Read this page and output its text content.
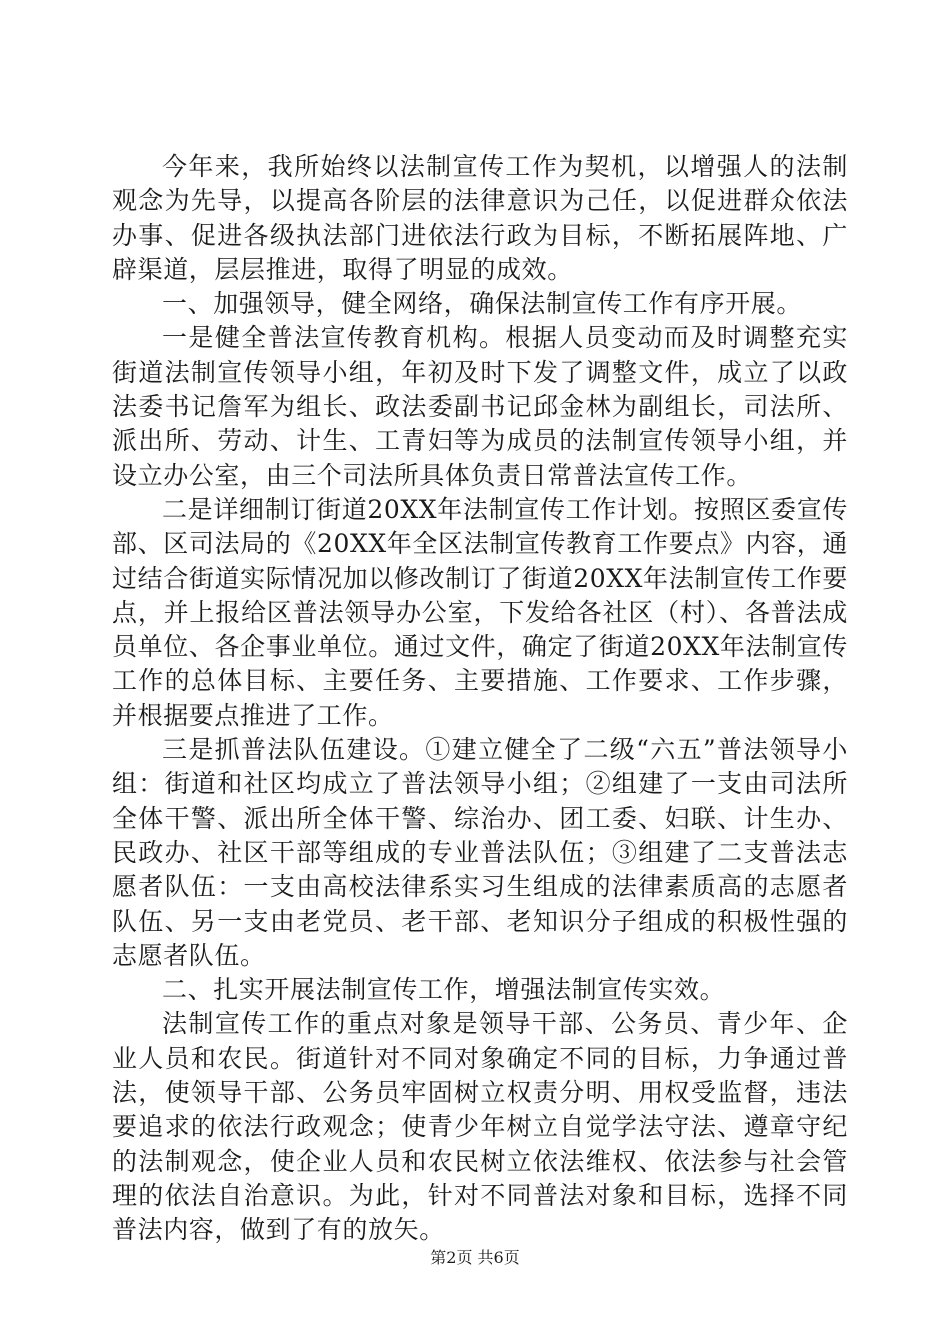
今年来，我所始终以法制宣传工作为契机，以增强人的法制观念为先导，以提高各阶层的法律意识为己任，以促进群众依法办事、促进各级执法部门进依法行政为目标，不断拓展阵地、广辟渠道，层层推进，取得了明显的成效。

一、加强领导，健全网络，确保法制宣传工作有序开展。

一是健全普法宣传教育机构。根据人员变动而及时调整充实街道法制宣传领导小组，年初及时下发了调整文件，成立了以政法委书记詹军为组长、政法委副书记邱金林为副组长，司法所、派出所、劳动、计生、工青妇等为成员的法制宣传领导小组，并设立办公室，由三个司法所具体负责日常普法宣传工作。

二是详细制订街道20XX年法制宣传工作计划。按照区委宣传部、区司法局的《20XX年全区法制宣传教育工作要点》内容，通过结合街道实际情况加以修改制订了街道20XX年法制宣传工作要点，并上报给区普法领导办公室，下发给各社区（村）、各普法成员单位、各企事业单位。通过文件，确定了街道20XX年法制宣传工作的总体目标、主要任务、主要措施、工作要求、工作步骤，并根据要点推进了工作。

三是抓普法队伍建设。①建立健全了二级“六五”普法领导小组：街道和社区均成立了普法领导小组；②组建了一支由司法所全体干警、派出所全体干警、综治办、团工委、妇联、计生办、民政办、社区干部等组成的专业普法队伍；③组建了二支普法志愿者队伍：一支由高校法律系实习生组成的法律素质高的志愿者队伍、另一支由老党员、老干部、老知识分子组成的积极性强的志愿者队伍。

二、扎实开展法制宣传工作，增强法制宣传实效。

法制宣传工作的重点对象是领导干部、公务员、青少年、企业人员和农民。街道针对不同对象确定不同的目标，力争通过普法，使领导干部、公务员牢固树立权责分明、用权受监督，违法要追求的依法行政观念；使青少年树立自觉学法守法、遵章守纪的法制观念，使企业人员和农民树立依法维权、依法参与社会管理的依法自治意识。为此，针对不同普法对象和目标，选择不同普法内容，做到了有的放矢。

第2页 共6页
